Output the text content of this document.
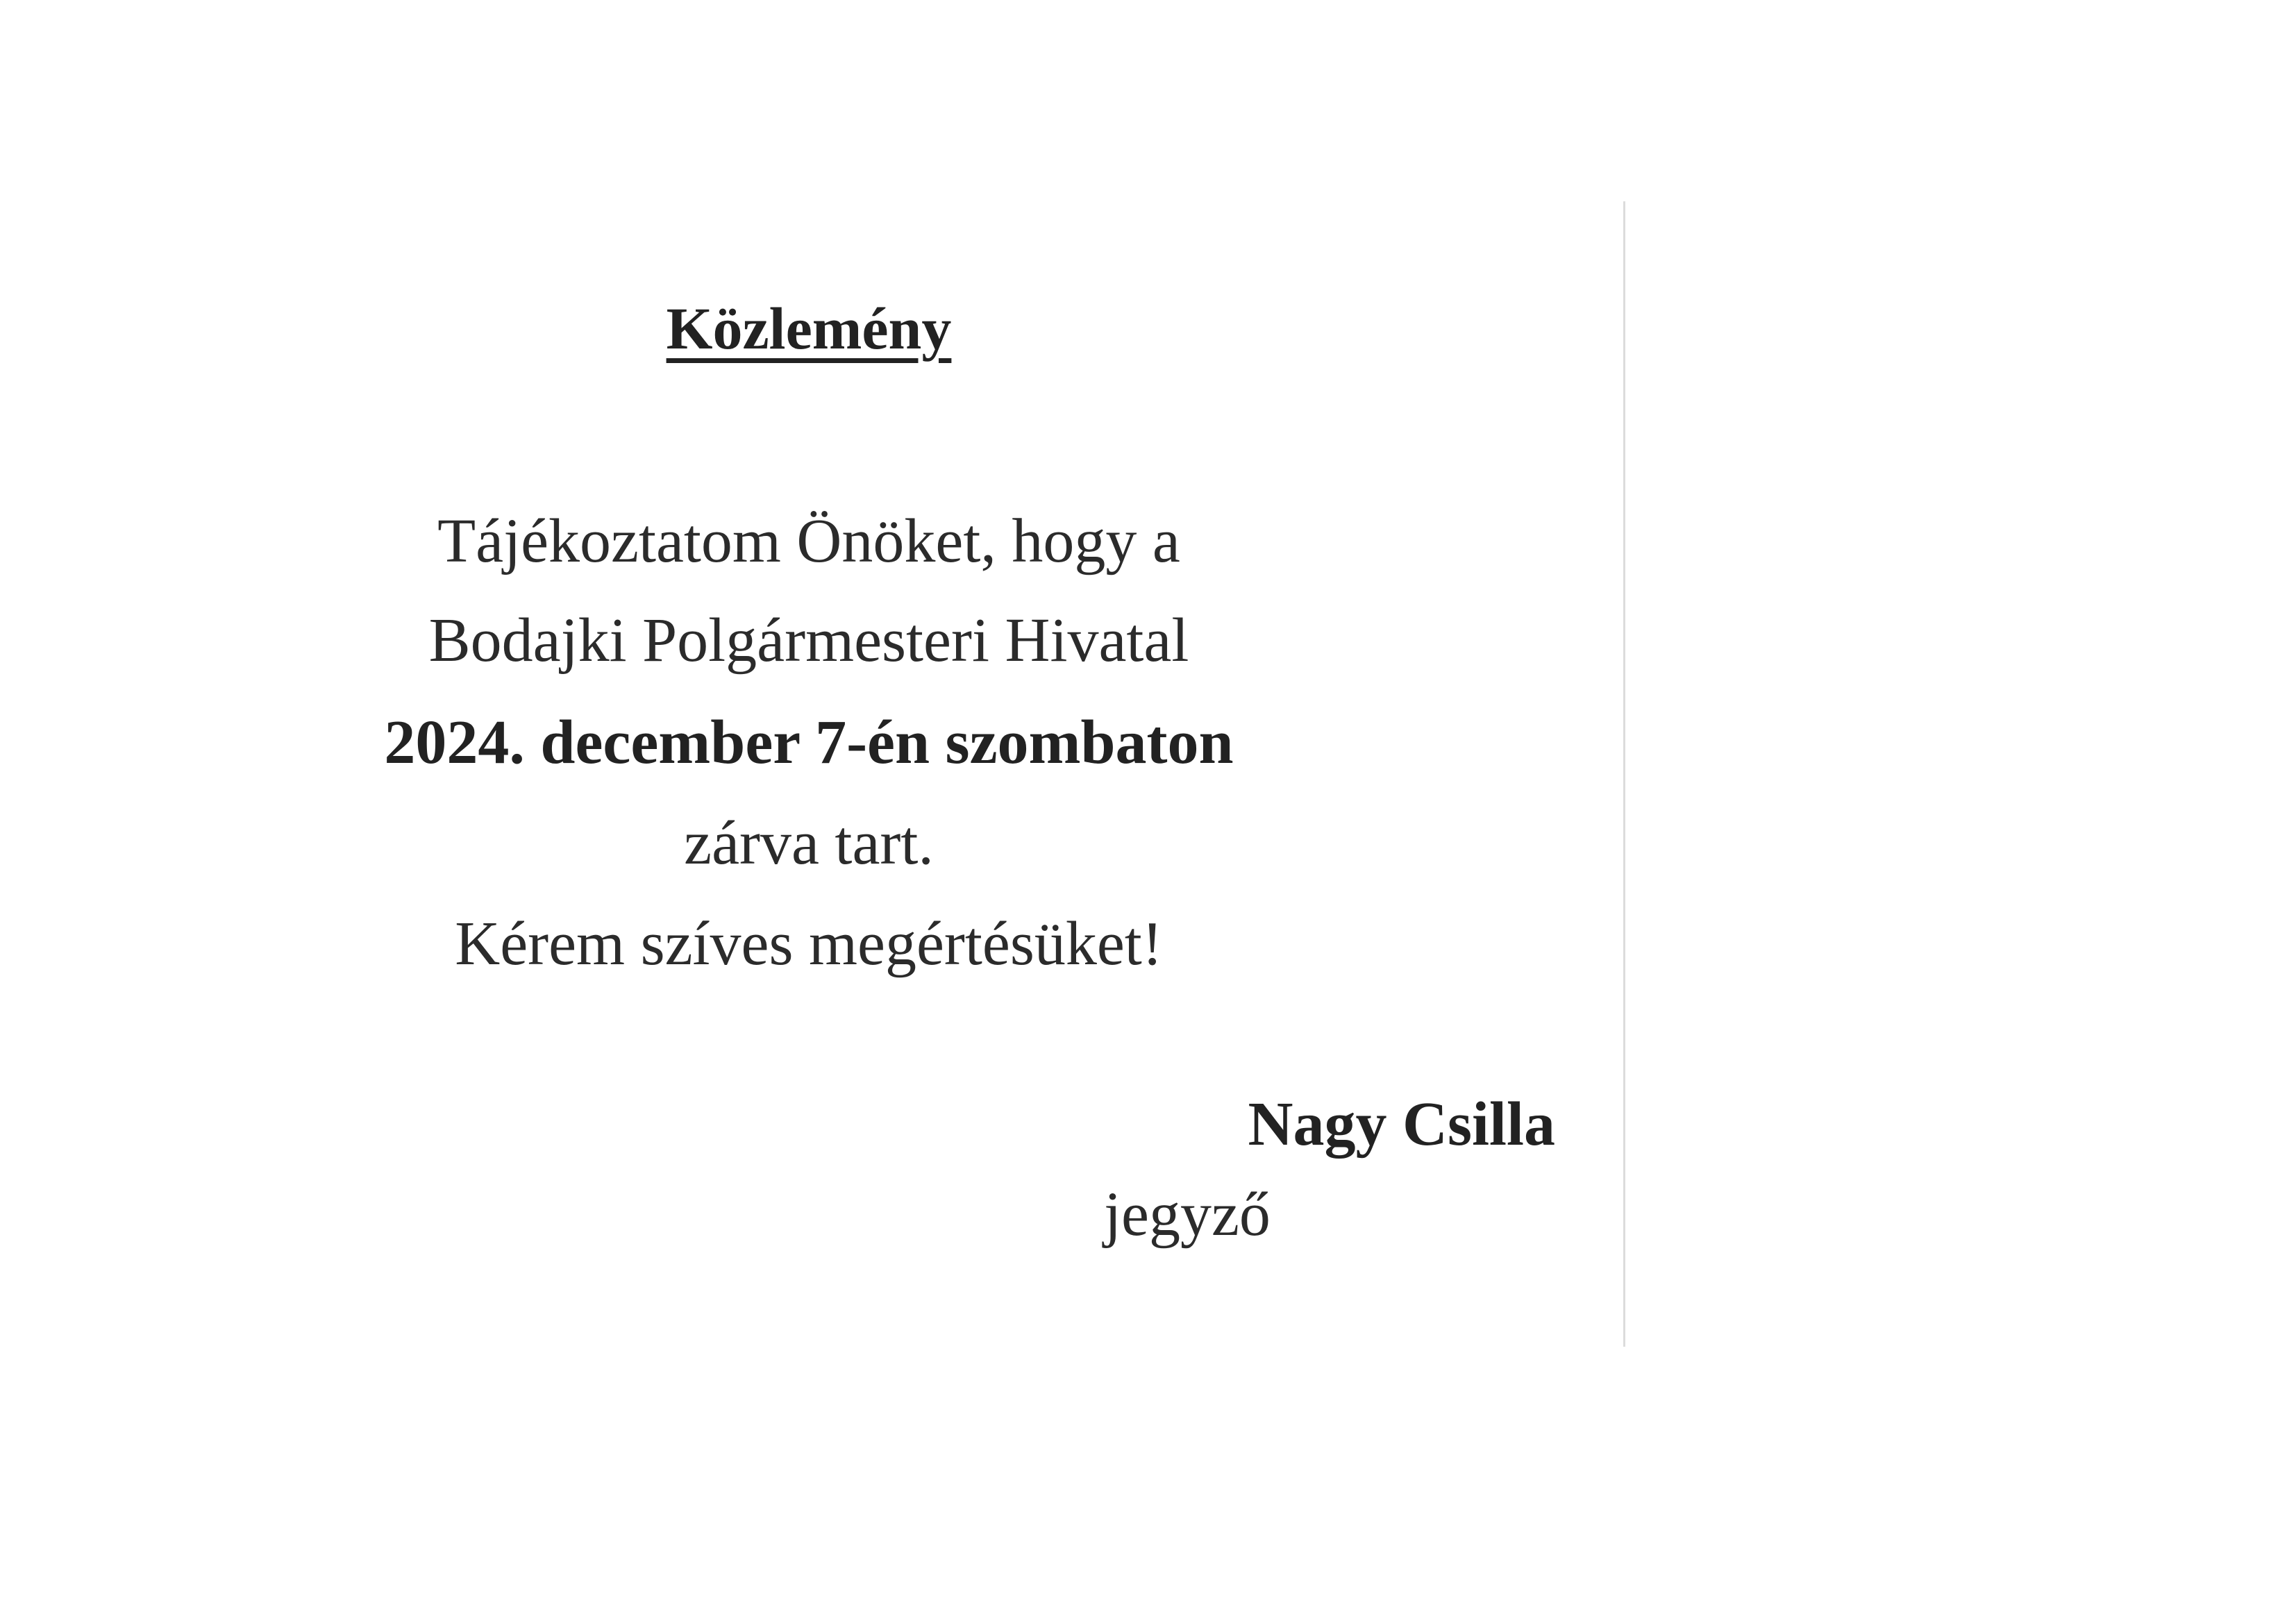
Közlemény
Tájékoztatom Önöket, hogy a
Bodajki Polgármesteri Hivatal
2024. december 7-én szombaton
zárva tart.
Kérem szíves megértésüket!
Nagy Csilla
jegyző
